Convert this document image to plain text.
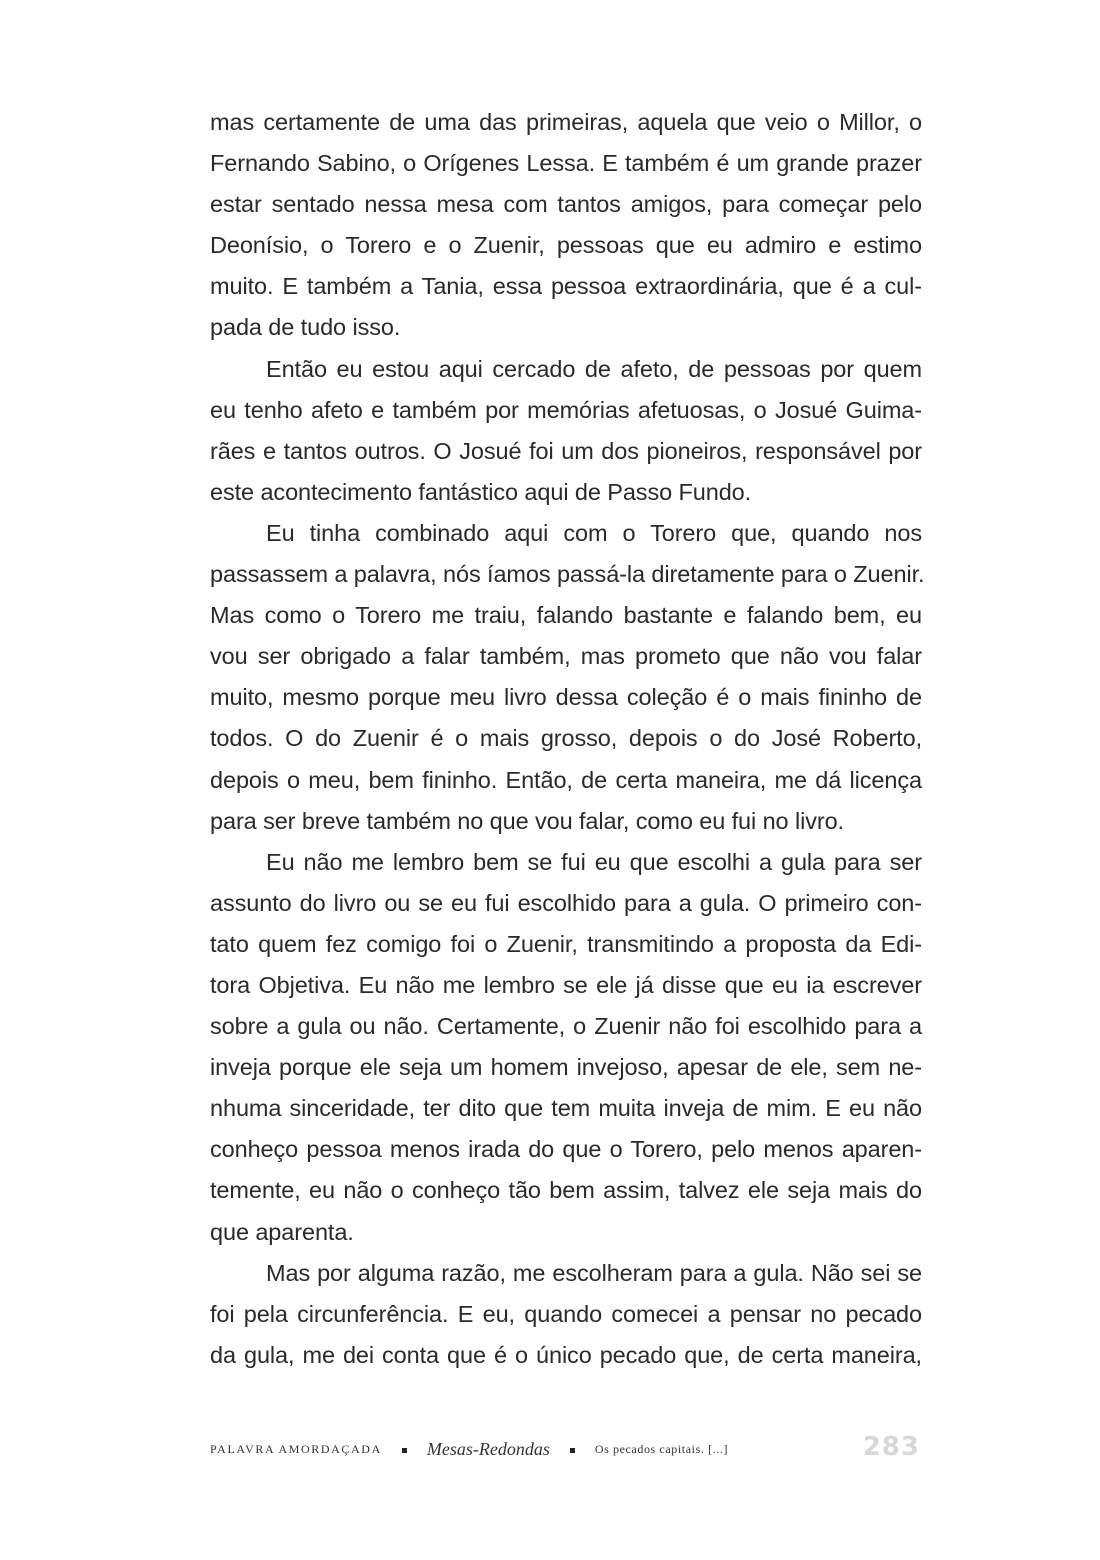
mas certamente de uma das primeiras, aquela que veio o Millor, o
Fernando Sabino, o Orígenes Lessa. E também é um grande prazer
estar sentado nessa mesa com tantos amigos, para começar pelo
Deonísio, o Torero e o Zuenir, pessoas que eu admiro e estimo
muito. E também a Tania, essa pessoa extraordinária, que é a cul-
pada de tudo isso.
Então eu estou aqui cercado de afeto, de pessoas por quem
eu tenho afeto e também por memórias afetuosas, o Josué Guima-
rães e tantos outros. O Josué foi um dos pioneiros, responsável por
este acontecimento fantástico aqui de Passo Fundo.
Eu tinha combinado aqui com o Torero que, quando nos
passassem a palavra, nós íamos passá-la diretamente para o Zuenir.
Mas como o Torero me traiu, falando bastante e falando bem, eu
vou ser obrigado a falar também, mas prometo que não vou falar
muito, mesmo porque meu livro dessa coleção é o mais fininho de
todos. O do Zuenir é o mais grosso, depois o do José Roberto,
depois o meu, bem fininho. Então, de certa maneira, me dá licença
para ser breve também no que vou falar, como eu fui no livro.
Eu não me lembro bem se fui eu que escolhi a gula para ser
assunto do livro ou se eu fui escolhido para a gula. O primeiro con-
tato quem fez comigo foi o Zuenir, transmitindo a proposta da Edi-
tora Objetiva. Eu não me lembro se ele já disse que eu ia escrever
sobre a gula ou não. Certamente, o Zuenir não foi escolhido para a
inveja porque ele seja um homem invejoso, apesar de ele, sem ne-
nhuma sinceridade, ter dito que tem muita inveja de mim. E eu não
conheço pessoa menos irada do que o Torero, pelo menos aparen-
temente, eu não o conheço tão bem assim, talvez ele seja mais do
que aparenta.
Mas por alguma razão, me escolheram para a gula. Não sei se
foi pela circunferência. E eu, quando comecei a pensar no pecado
da gula, me dei conta que é o único pecado que, de certa maneira,
PALAVRA AMORDAÇADA	Mesas-Redondas	Os pecados capitais. [...]	283
